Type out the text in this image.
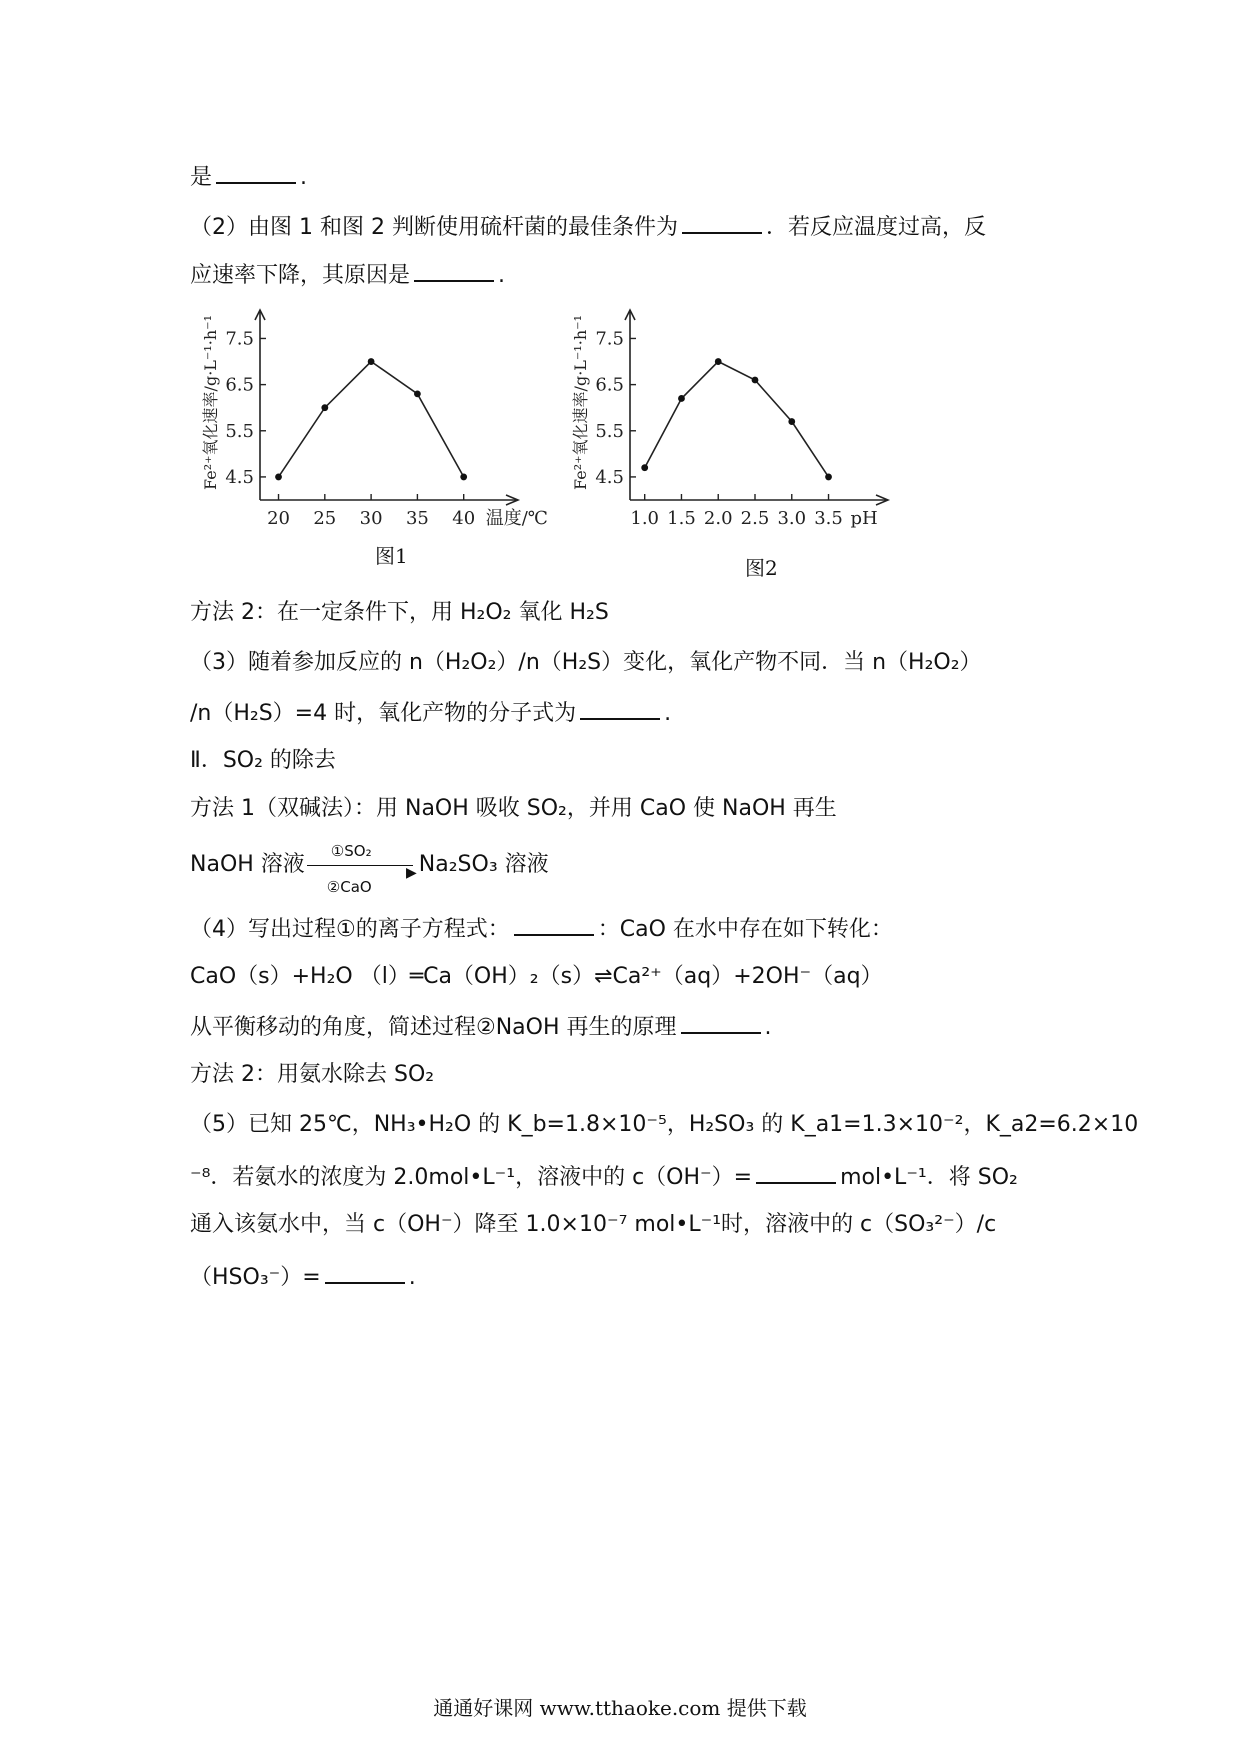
是	.
（2）由图 1 和图 2 判断使用硫杆菌的最佳条件为	．若反应温度过高，反
应速率下降，其原因是	.
4.5
5.5
6.5
7.5
20 25 30 35 40 温度/℃
Fe²⁺氧化速率/g·L⁻¹·h⁻¹
图1
4.5
5.5
6.5
7.5
1.0 1.5 2.0 2.5 3.0 3.5 pH
Fe²⁺氧化速率/g·L⁻¹·h⁻¹
图2
方法 2：在一定条件下，用 H₂O₂ 氧化 H₂S
（3）随着参加反应的 n（H₂O₂）/n（H₂S）变化，氧化产物不同．当 n（H₂O₂）
/n（H₂S）=4 时，氧化产物的分子式为	.
Ⅱ．SO₂ 的除去
方法 1（双碱法）：用 NaOH 吸收 SO₂，并用 CaO 使 NaOH 再生
NaOH 溶液
①SO₂
▶
②CaO
Na₂SO₃ 溶液
（4）写出过程①的离子方程式：	：CaO 在水中存在如下转化：
CaO（s）+H₂O （l）═Ca（OH）₂（s）⇌Ca²⁺（aq）+2OH⁻（aq）
从平衡移动的角度，简述过程②NaOH 再生的原理	.
方法 2：用氨水除去 SO₂
（5）已知 25℃，NH₃•H₂O 的 K_b=1.8×10⁻⁵，H₂SO₃ 的 K_a1=1.3×10⁻²，K_a2=6.2×10
⁻⁸．若氨水的浓度为 2.0mol•L⁻¹，溶液中的 c（OH⁻）=	mol•L⁻¹．将 SO₂
通入该氨水中，当 c（OH⁻）降至 1.0×10⁻⁷ mol•L⁻¹时，溶液中的 c（SO₃²⁻）/c
（HSO₃⁻）=	.
通通好课网 www.tthaoke.com 提供下载
